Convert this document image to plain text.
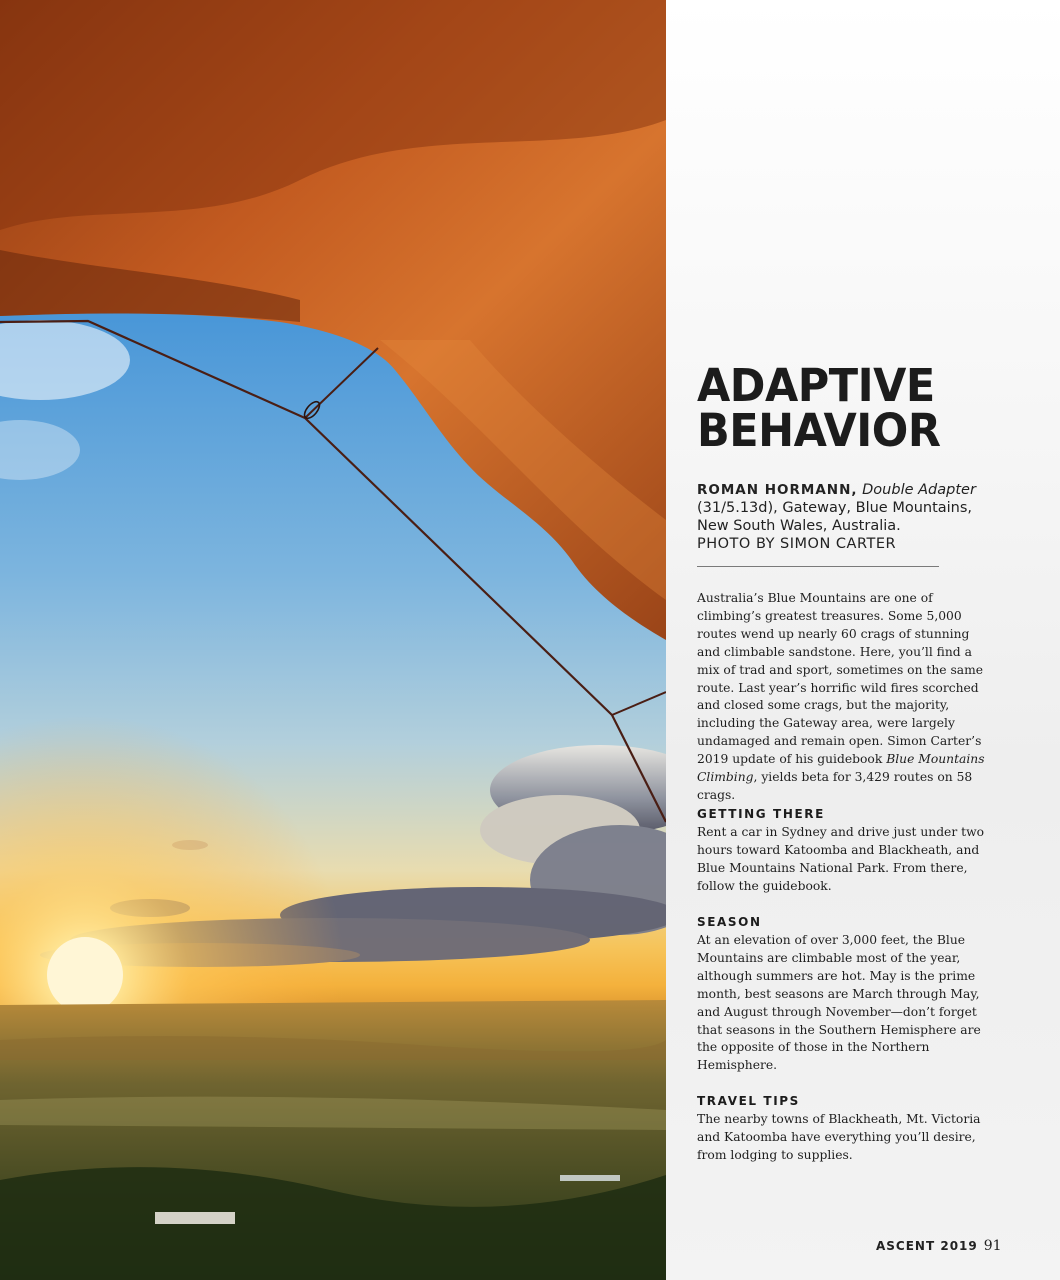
ADAPTIVE
BEHAVIOR
ROMAN HORMANN, Double Adapter (31/5.13d), Gateway, Blue Mountains, New South Wales, Australia.
PHOTO BY SIMON CARTER

Australia’s Blue Mountains are one of climbing’s greatest treasures. Some 5,000 routes wend up nearly 60 crags of stunning and climbable sandstone. Here, you’ll find a mix of trad and sport, sometimes on the same route. Last year’s horrific wild fires scorched and closed some crags, but the majority, including the Gateway area, were largely undamaged and remain open. Simon Carter’s 2019 update of his guidebook Blue Mountains Climbing, yields beta for 3,429 routes on 58 crags.

GETTING THERE

Rent a car in Sydney and drive just under two hours toward Katoomba and Blackheath, and Blue Mountains National Park. From there, follow the guidebook.

SEASON

At an elevation of over 3,000 feet, the Blue Mountains are climbable most of the year, although summers are hot. May is the prime month, best seasons are March through May, and August through November—don’t forget that seasons in the Southern Hemisphere are the opposite of those in the Northern Hemisphere.

TRAVEL TIPS

The nearby towns of Blackheath, Mt. Victoria and Katoomba have everything you’ll desire, from lodging to supplies.

ASCENT 2019 91
